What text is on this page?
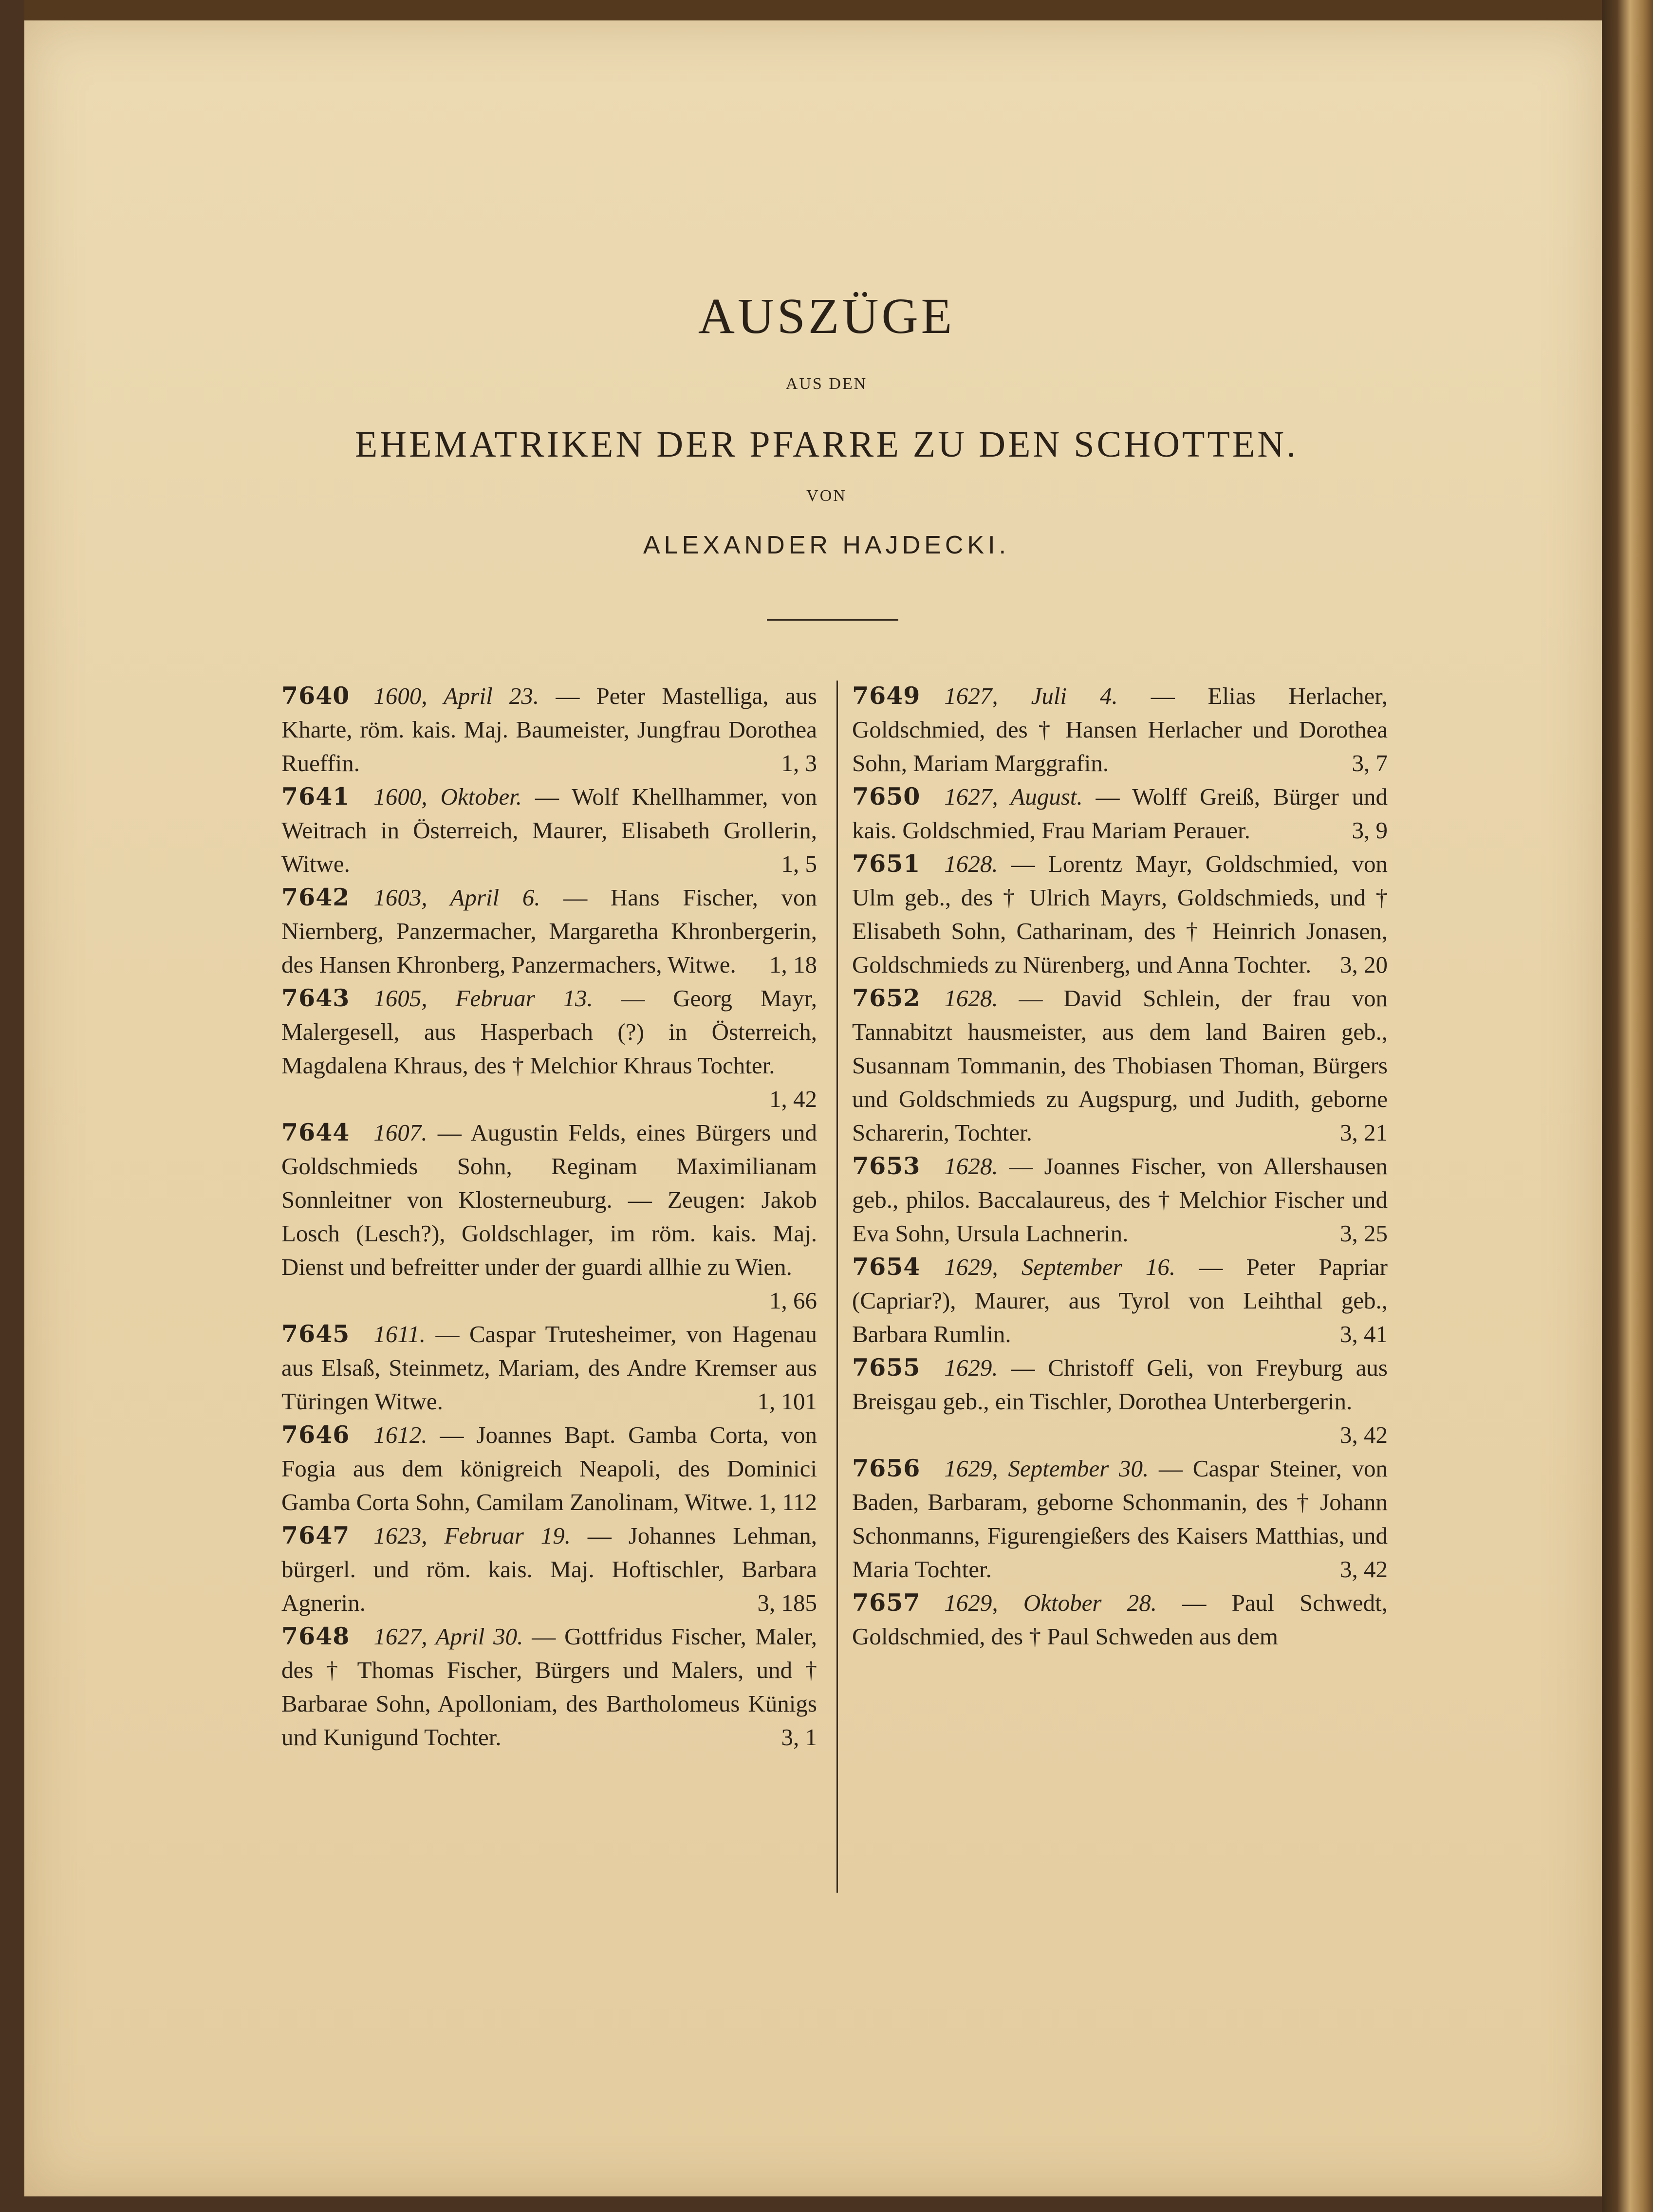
AUSZÜGE
AUS DEN
EHEMATRIKEN DER PFARRE ZU DEN SCHOTTEN.
VON
ALEXANDER HAJDECKI.

7640  1600, April 23. — Peter Mastelliga, aus Kharte, röm. kais. Maj. Baumeister, Jungfrau Dorothea Rueffin.	1, 3

7641  1600, Oktober. — Wolf Khellhammer, von Weitrach in Österreich, Maurer, Elisabeth Grollerin, Witwe.	1, 5

7642  1603, April 6. — Hans Fischer, von Niernberg, Panzermacher, Margaretha Khronbergerin, des Hansen Khronberg, Panzermachers, Witwe. 1, 18

7643  1605, Februar 13. — Georg Mayr, Malergesell, aus Hasperbach (?) in Österreich, Magdalena Khraus, des † Melchior Khraus Tochter.
1, 42

7644  1607. — Augustin Felds, eines Bürgers und Goldschmieds Sohn, Reginam Maximilianam Sonnleitner von Klosterneuburg. — Zeugen: Jakob Losch (Lesch?), Goldschlager, im röm. kais. Maj. Dienst und befreitter under der guardi allhie zu Wien.
1, 66

7645  1611. — Caspar Trutesheimer, von Hagenau aus Elsaß, Steinmetz, Mariam, des Andre Kremser aus Türingen Witwe.	1, 101

7646  1612. — Joannes Bapt. Gamba Corta, von Fogia aus dem königreich Neapoli, des Dominici Gamba Corta Sohn, Camilam Zanolinam, Witwe. 1, 112

7647  1623, Februar 19. — Johannes Lehman, bürgerl. und röm. kais. Maj. Hoftischler, Barbara Agnerin.	3, 185

7648  1627, April 30. — Gottfridus Fischer, Maler, des † Thomas Fischer, Bürgers und Malers, und † Barbarae Sohn, Apolloniam, des Bartholomeus Künigs und Kunigund Tochter.	3, 1

7649  1627, Juli 4. — Elias Herlacher, Goldschmied, des † Hansen Herlacher und Dorothea Sohn, Mariam Marggrafin.	3, 7

7650  1627, August. — Wolff Greiß, Bürger und kais. Goldschmied, Frau Mariam Perauer.	3, 9

7651  1628. — Lorentz Mayr, Goldschmied, von Ulm geb., des † Ulrich Mayrs, Goldschmieds, und † Elisabeth Sohn, Catharinam, des † Heinrich Jonasen, Goldschmieds zu Nürenberg, und Anna Tochter. 3, 20

7652  1628. — David Schlein, der frau von Tannabitzt hausmeister, aus dem land Bairen geb., Susannam Tommanin, des Thobiasen Thoman, Bürgers und Goldschmieds zu Augspurg, und Judith, geborne Scharerin, Tochter.	3, 21

7653  1628. — Joannes Fischer, von Allershausen geb., philos. Baccalaureus, des † Melchior Fischer und Eva Sohn, Ursula Lachnerin.	3, 25

7654  1629, September 16. — Peter Papriar (Capriar?), Maurer, aus Tyrol von Leihthal geb., Barbara Rumlin.	3, 41

7655  1629. — Christoff Geli, von Freyburg aus Breisgau geb., ein Tischler, Dorothea Unterbergerin.
3, 42

7656  1629, September 30. — Caspar Steiner, von Baden, Barbaram, geborne Schonmanin, des † Johann Schonmanns, Figurengießers des Kaisers Matthias, und Maria Tochter.	3, 42

7657  1629, Oktober 28. — Paul Schwedt, Goldschmied, des † Paul Schweden aus dem
